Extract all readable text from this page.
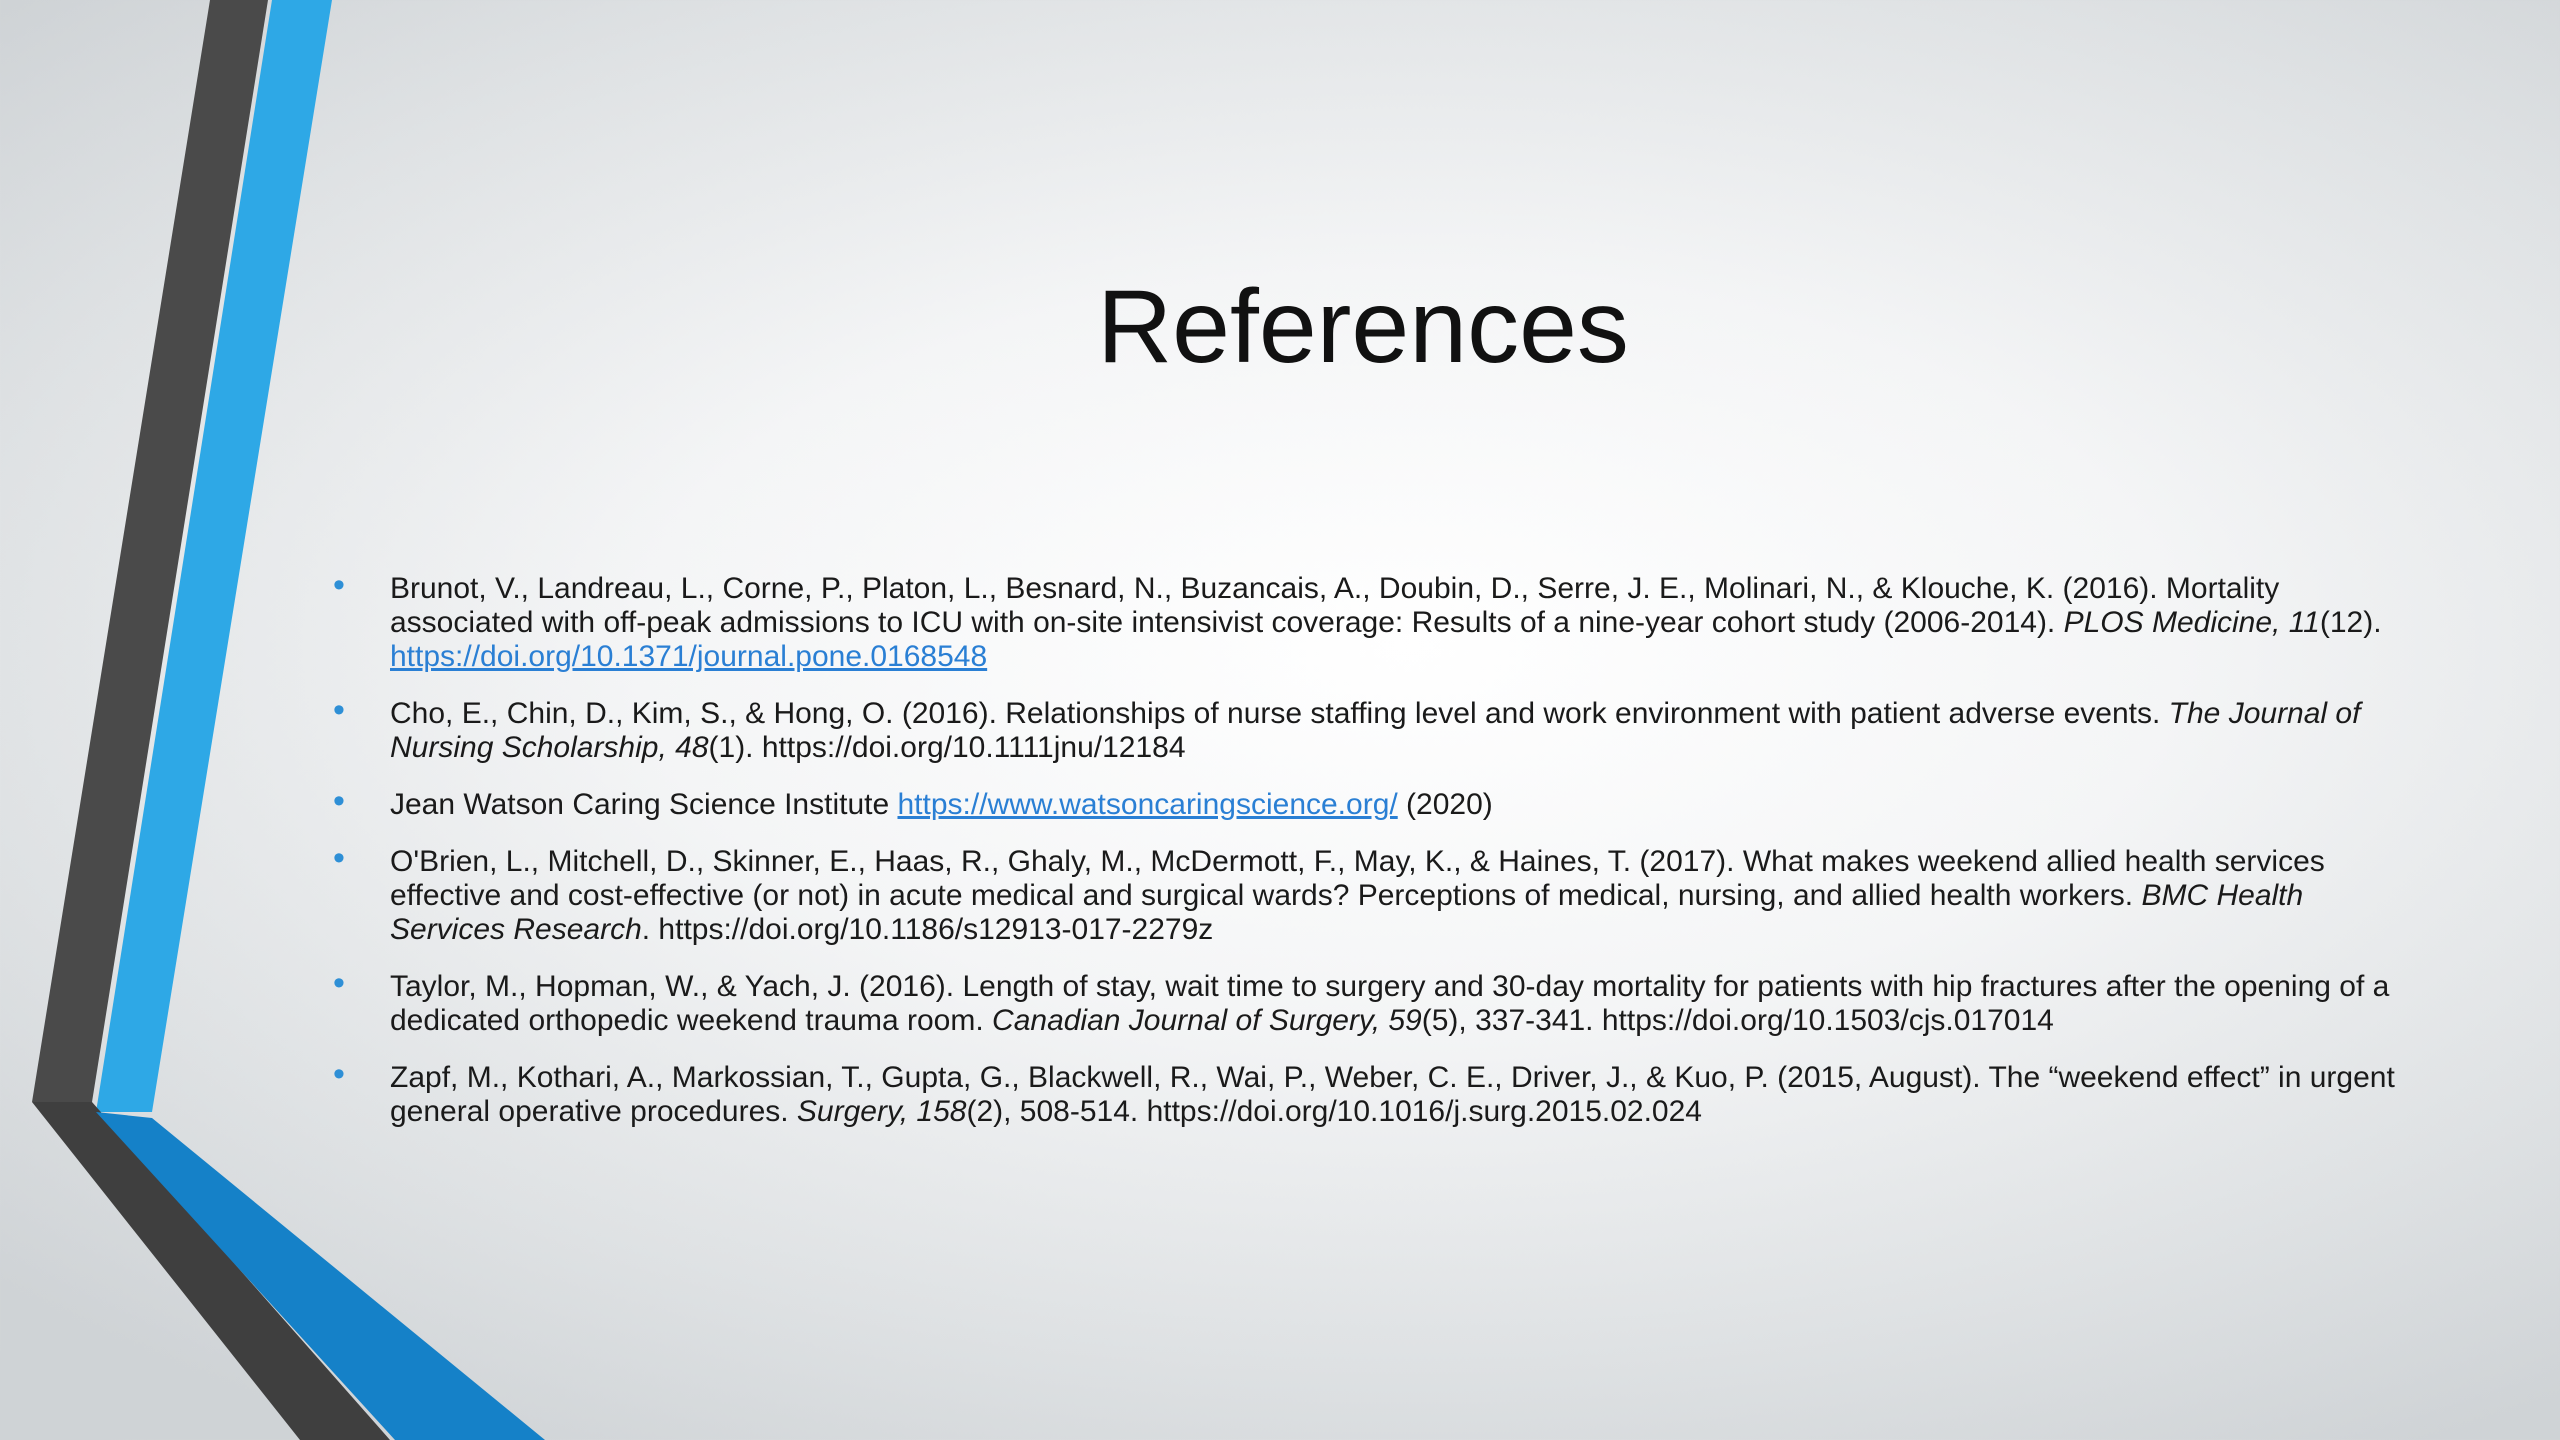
References
• Brunot, V., Landreau, L., Corne, P., Platon, L., Besnard, N., Buzancais, A., Doubin, D., Serre, J. E., Molinari, N., & Klouche, K. (2016). Mortality associated with off-peak admissions to ICU with on-site intensivist coverage: Results of a nine-year cohort study (2006-2014). PLOS Medicine, 11(12). https://doi.org/10.1371/journal.pone.0168548
• Cho, E., Chin, D., Kim, S., & Hong, O. (2016). Relationships of nurse staffing level and work environment with patient adverse events. The Journal of Nursing Scholarship, 48(1). https://doi.org/10.1111jnu/12184
• Jean Watson Caring Science Institute https://www.watsoncaringscience.org/ (2020)
• O'Brien, L., Mitchell, D., Skinner, E., Haas, R., Ghaly, M., McDermott, F., May, K., & Haines, T. (2017). What makes weekend allied health services effective and cost-effective (or not) in acute medical and surgical wards? Perceptions of medical, nursing, and allied health workers. BMC Health Services Research. https://doi.org/10.1186/s12913-017-2279z
• Taylor, M., Hopman, W., & Yach, J. (2016). Length of stay, wait time to surgery and 30-day mortality for patients with hip fractures after the opening of a dedicated orthopedic weekend trauma room. Canadian Journal of Surgery, 59(5), 337-341. https://doi.org/10.1503/cjs.017014
• Zapf, M., Kothari, A., Markossian, T., Gupta, G., Blackwell, R., Wai, P., Weber, C. E., Driver, J., & Kuo, P. (2015, August). The “weekend effect” in urgent general operative procedures. Surgery, 158(2), 508-514. https://doi.org/10.1016/j.surg.2015.02.024
